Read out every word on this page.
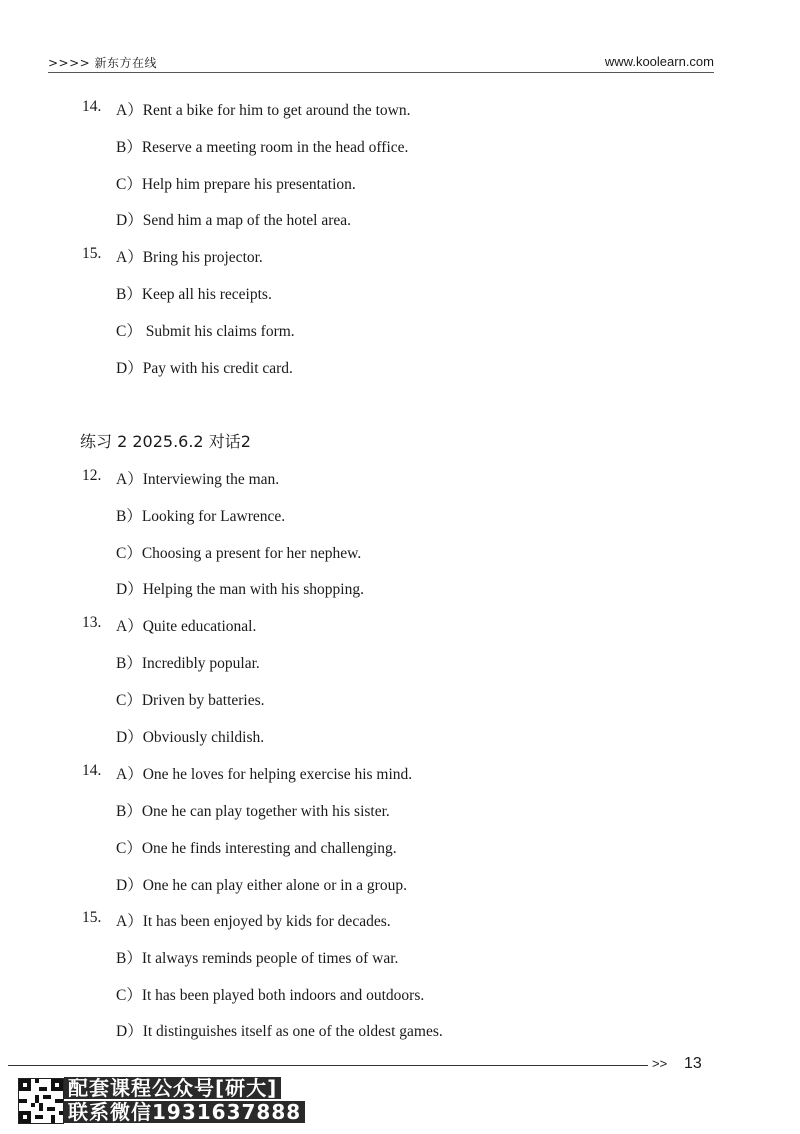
>>>> 新东方在线	www.koolearn.com
14. A）Rent a bike for him to get around the town.
B）Reserve a meeting room in the head office.
C）Help him prepare his presentation.
D）Send him a map of the hotel area.
15. A）Bring his projector.
B）Keep all his receipts.
C） Submit his claims form.
D）Pay with his credit card.
练习 2 2025.6.2 对话2
12. A）Interviewing the man.
B）Looking for Lawrence.
C）Choosing a present for her nephew.
D）Helping the man with his shopping.
13. A）Quite educational.
B）Incredibly popular.
C）Driven by batteries.
D）Obviously childish.
14. A）One he loves for helping exercise his mind.
B）One he can play together with his sister.
C）One he finds interesting and challenging.
D）One he can play either alone or in a group.
15. A）It has been enjoyed by kids for decades.
B）It always reminds people of times of war.
C）It has been played both indoors and outdoors.
D）It distinguishes itself as one of the oldest games.
>> 13
配套课程公众号[研大]
联系微信1931637888
